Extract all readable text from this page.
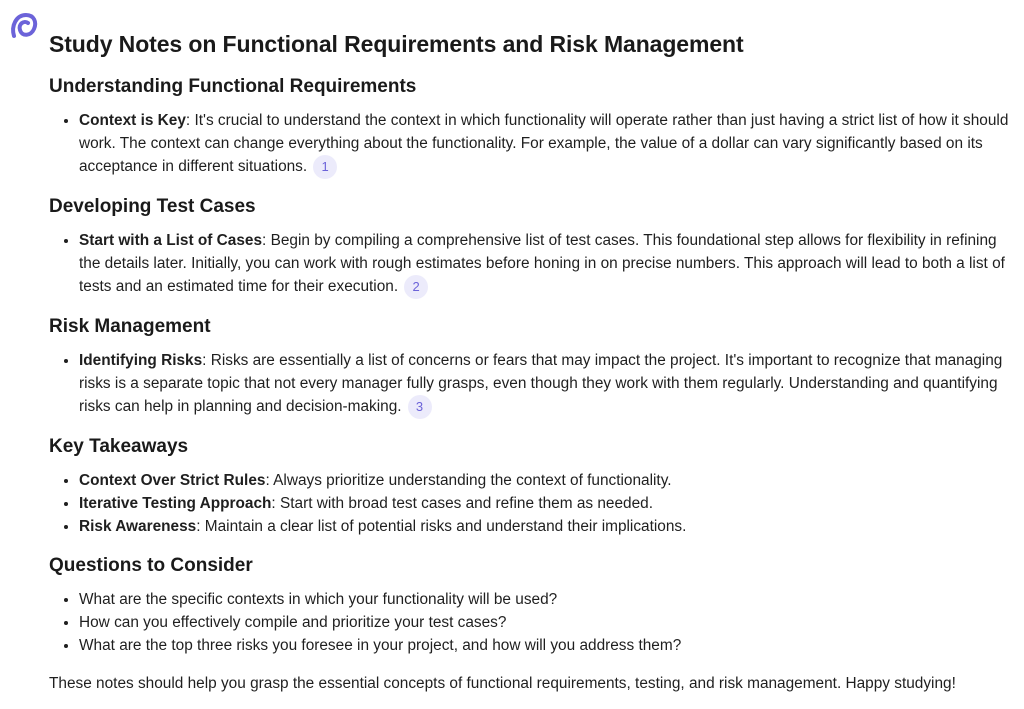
Study Notes on Functional Requirements and Risk Management
Understanding Functional Requirements
• Context is Key: It's crucial to understand the context in which functionality will operate rather than just having a strict list of how it should work. The context can change everything about the functionality. For example, the value of a dollar can vary significantly based on its acceptance in different situations. 1
Developing Test Cases
• Start with a List of Cases: Begin by compiling a comprehensive list of test cases. This foundational step allows for flexibility in refining the details later. Initially, you can work with rough estimates before honing in on precise numbers. This approach will lead to both a list of tests and an estimated time for their execution. 2
Risk Management
• Identifying Risks: Risks are essentially a list of concerns or fears that may impact the project. It's important to recognize that managing risks is a separate topic that not every manager fully grasps, even though they work with them regularly. Understanding and quantifying risks can help in planning and decision-making. 3
Key Takeaways
• Context Over Strict Rules: Always prioritize understanding the context of functionality.
• Iterative Testing Approach: Start with broad test cases and refine them as needed.
• Risk Awareness: Maintain a clear list of potential risks and understand their implications.
Questions to Consider
• What are the specific contexts in which your functionality will be used?
• How can you effectively compile and prioritize your test cases?
• What are the top three risks you foresee in your project, and how will you address them?

These notes should help you grasp the essential concepts of functional requirements, testing, and risk management. Happy studying!
